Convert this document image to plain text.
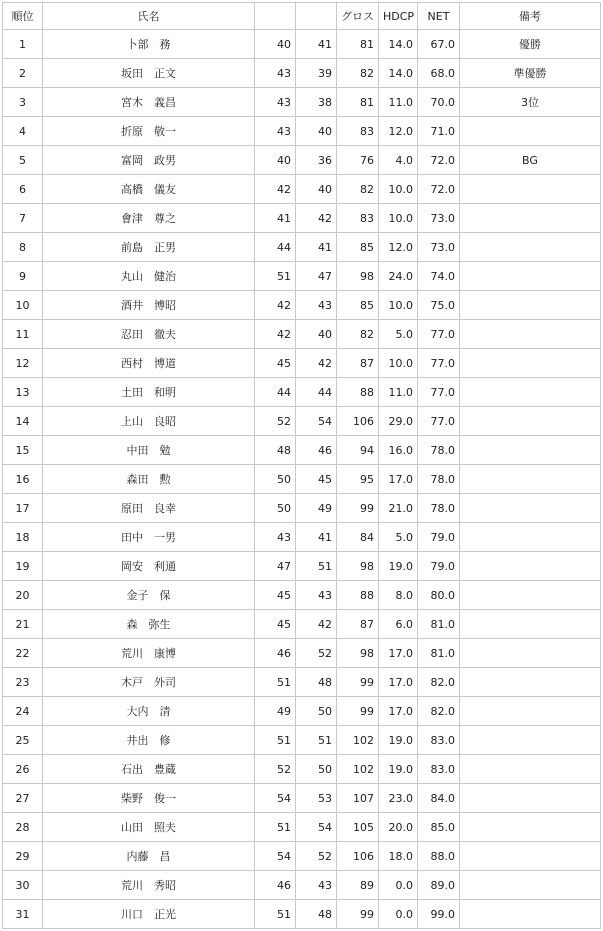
順位	氏名			グロス	HDCP	NET	備考
1	卜部　務	40	41	81	14.0	67.0	優勝
2	坂田　正文	43	39	82	14.0	68.0	準優勝
3	宮木　義昌	43	38	81	11.0	70.0	3位
4	折原　敬一	43	40	83	12.0	71.0	
5	富岡　政男	40	36	76	4.0	72.0	BG
6	高橋　儀友	42	40	82	10.0	72.0	
7	會津　尊之	41	42	83	10.0	73.0	
8	前島　正男	44	41	85	12.0	73.0	
9	丸山　健治	51	47	98	24.0	74.0	
10	酒井　博昭	42	43	85	10.0	75.0	
11	忍田　徹夫	42	40	82	5.0	77.0	
12	西村　博道	45	42	87	10.0	77.0	
13	土田　和明	44	44	88	11.0	77.0	
14	上山　良昭	52	54	106	29.0	77.0	
15	中田　勉	48	46	94	16.0	78.0	
16	森田　勲	50	45	95	17.0	78.0	
17	原田　良幸	50	49	99	21.0	78.0	
18	田中　一男	43	41	84	5.0	79.0	
19	岡安　利通	47	51	98	19.0	79.0	
20	金子　保	45	43	88	8.0	80.0	
21	森　弥生	45	42	87	6.0	81.0	
22	荒川　康博	46	52	98	17.0	81.0	
23	木戸　外司	51	48	99	17.0	82.0	
24	大内　清	49	50	99	17.0	82.0	
25	井出　修	51	51	102	19.0	83.0	
26	石出　豊蔵	52	50	102	19.0	83.0	
27	柴野　俊一	54	53	107	23.0	84.0	
28	山田　照夫	51	54	105	20.0	85.0	
29	内藤　昌	54	52	106	18.0	88.0	
30	荒川　秀昭	46	43	89	0.0	89.0	
31	川口　正光	51	48	99	0.0	99.0	
